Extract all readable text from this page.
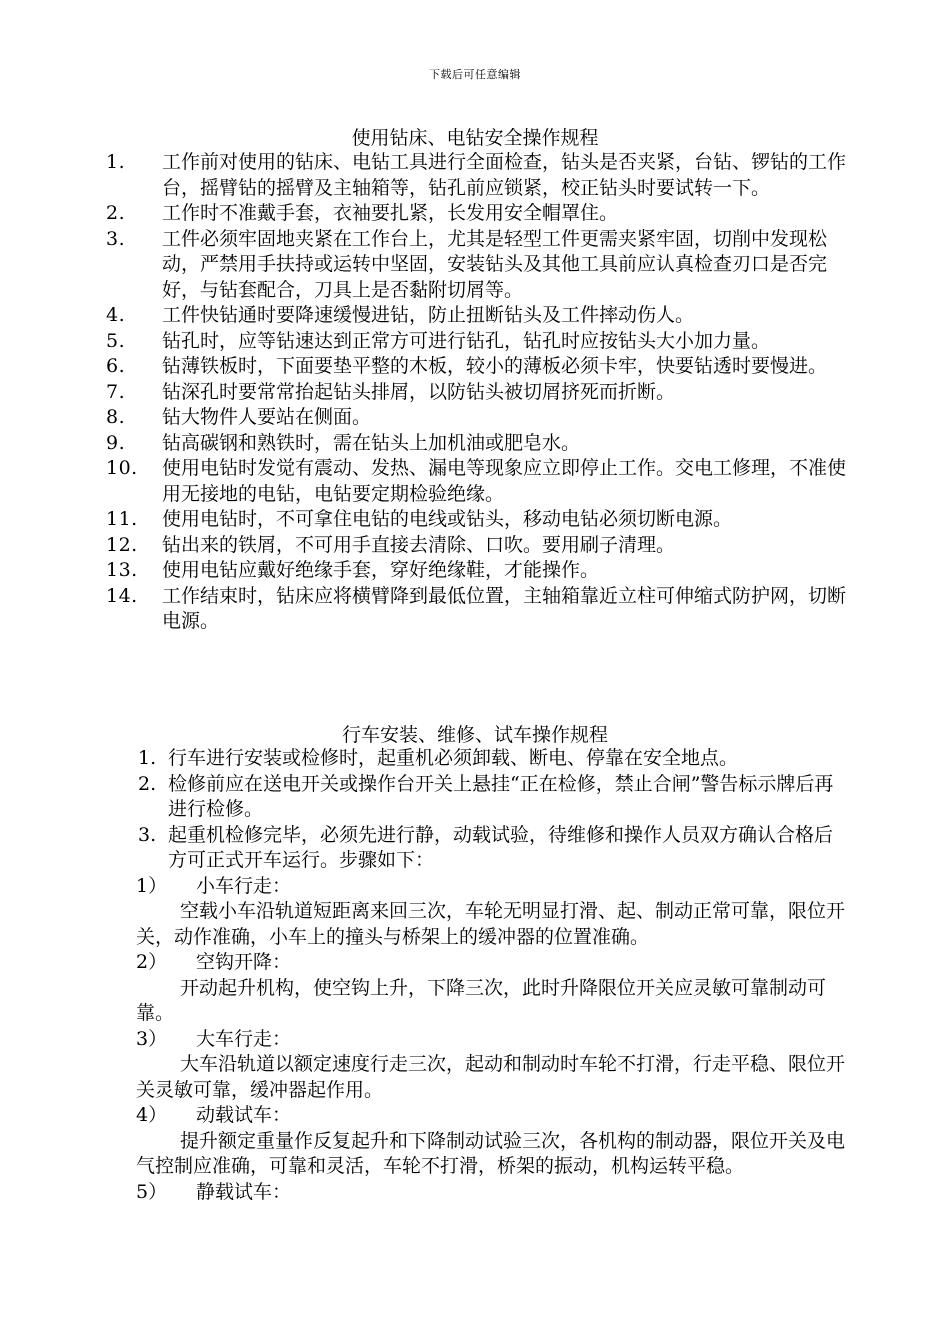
下载后可任意编辑
使用钻床、电钻安全操作规程
1.	工作前对使用的钻床、电钻工具进行全面检查，钻头是否夹紧，台钻、锣钻的工作台，摇臂钻的摇臂及主轴箱等，钻孔前应锁紧，校正钻头时要试转一下。
2.	工作时不准戴手套，衣袖要扎紧，长发用安全帽罩住。
3.	工件必须牢固地夹紧在工作台上，尤其是轻型工件更需夹紧牢固，切削中发现松动，严禁用手扶持或运转中坚固，安装钻头及其他工具前应认真检查刃口是否完好，与钻套配合，刀具上是否黏附切屑等。
4.	工件快钻通时要降速缓慢进钻，防止扭断钻头及工件摔动伤人。
5.	钻孔时，应等钻速达到正常方可进行钻孔，钻孔时应按钻头大小加力量。
6.	钻薄铁板时，下面要垫平整的木板，较小的薄板必须卡牢，快要钻透时要慢进。
7.	钻深孔时要常常抬起钻头排屑，以防钻头被切屑挤死而折断。
8.	钻大物件人要站在侧面。
9.	钻高碳钢和熟铁时，需在钻头上加机油或肥皂水。
10.	使用电钻时发觉有震动、发热、漏电等现象应立即停止工作。交电工修理，不准使用无接地的电钻，电钻要定期检验绝缘。
11.	使用电钻时，不可拿住电钻的电线或钻头，移动电钻必须切断电源。
12.	钻出来的铁屑，不可用手直接去清除、口吹。要用刷子清理。
13.	使用电钻应戴好绝缘手套，穿好绝缘鞋，才能操作。
14.	工作结束时，钻床应将横臂降到最低位置，主轴箱靠近立柱可伸缩式防护网，切断电源。
行车安装、维修、试车操作规程
1. 行车进行安装或检修时，起重机必须卸载、断电、停靠在安全地点。
2. 检修前应在送电开关或操作台开关上悬挂“正在检修，禁止合闸”警告标示牌后再进行检修。
3. 起重机检修完毕，必须先进行静，动载试验，待维修和操作人员双方确认合格后方可正式开车运行。步骤如下：
1）	小车行走：
空载小车沿轨道短距离来回三次，车轮无明显打滑、起、制动正常可靠，限位开关，动作准确，小车上的撞头与桥架上的缓冲器的位置准确。
2）	空钩开降：
开动起升机构，使空钩上升，下降三次，此时升降限位开关应灵敏可靠制动可靠。
3）	大车行走：
大车沿轨道以额定速度行走三次，起动和制动时车轮不打滑，行走平稳、限位开关灵敏可靠，缓冲器起作用。
4）	动载试车：
提升额定重量作反复起升和下降制动试验三次，各机构的制动器，限位开关及电气控制应准确，可靠和灵活，车轮不打滑，桥架的振动，机构运转平稳。
5）	静载试车：
